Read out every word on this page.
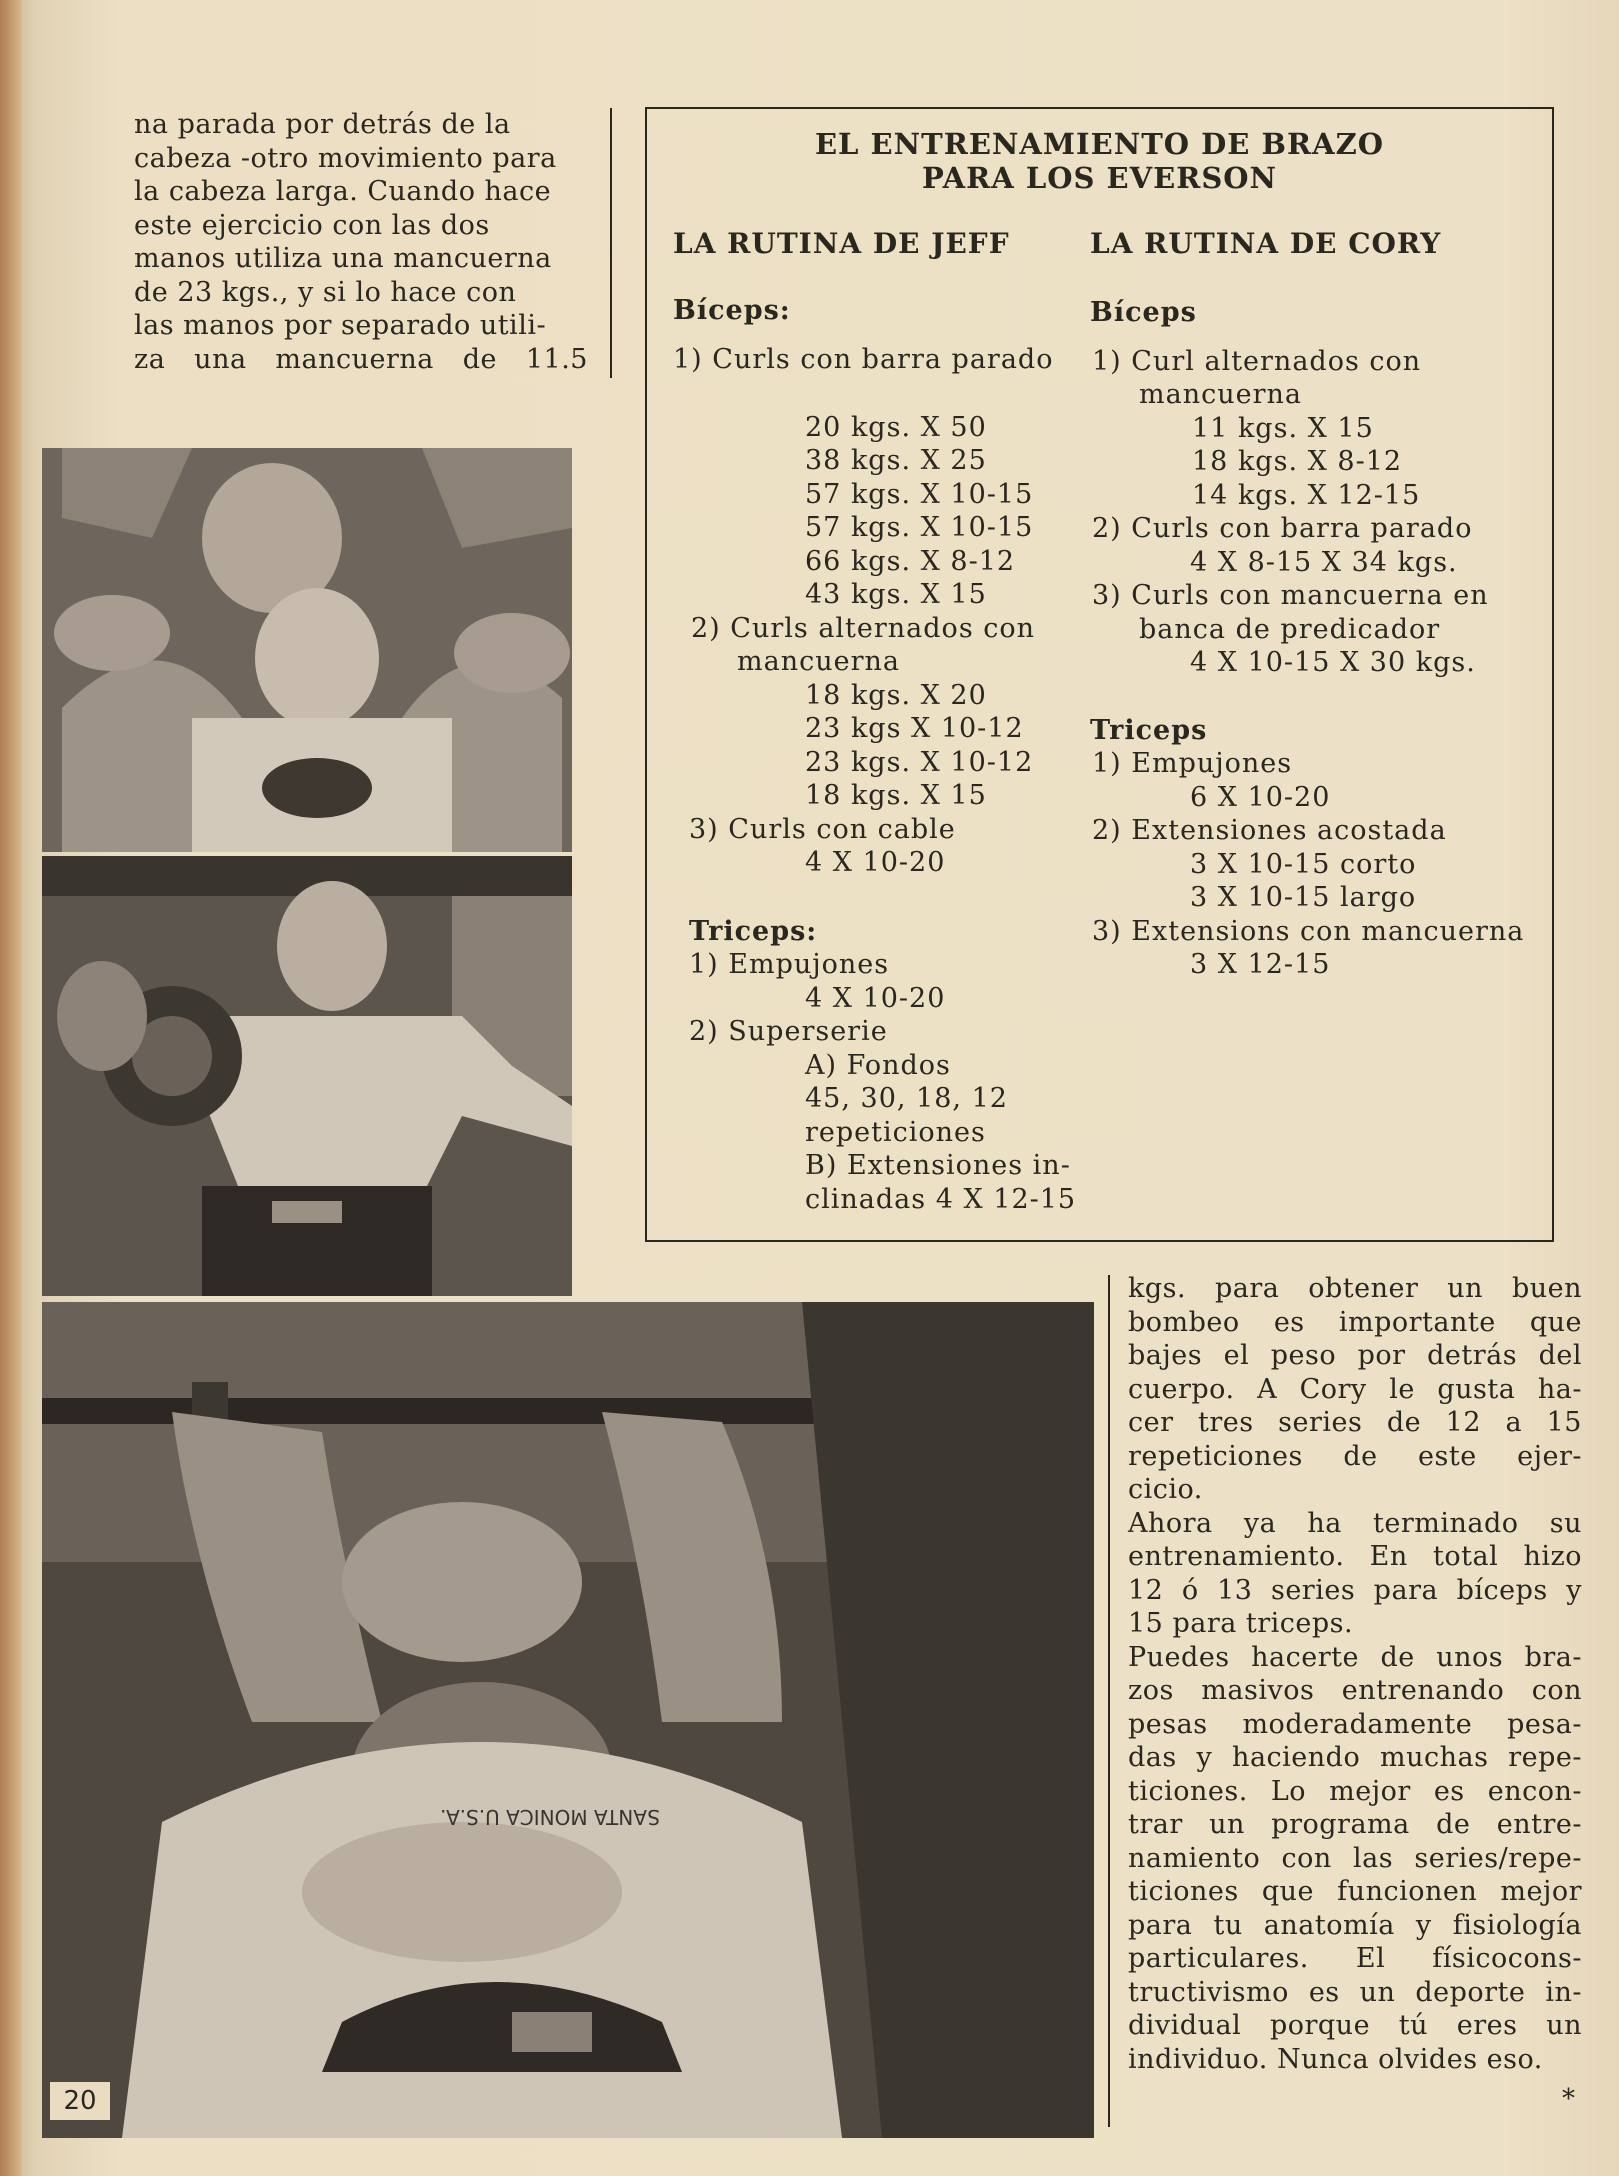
na parada por detrás de la

cabeza -otro movimiento para

la cabeza larga. Cuando hace

este ejercicio con las dos

manos utiliza una mancuerna

de 23 kgs., y si lo hace con

las manos por separado utili-

za una mancuerna de 11.5

EL ENTRENAMIENTO DE BRAZO
PARA LOS EVERSON
LA RUTINA DE JEFF	LA RUTINA DE CORY
Bíceps:
1) Curls con barra parado
20 kgs. X 50
38 kgs. X 25
57 kgs. X 10-15
57 kgs. X 10-15
66 kgs. X 8-12
43 kgs. X 15
2) Curls alternados con
mancuerna
18 kgs. X 20
23 kgs X 10-12
23 kgs. X 10-12
18 kgs. X 15
3) Curls con cable
4 X 10-20
Triceps:
1) Empujones
4 X 10-20
2) Superserie
A) Fondos
45, 30, 18, 12
repeticiones
B) Extensiones in-
clinadas 4 X 12-15
Bíceps
1) Curl alternados con
mancuerna
11 kgs. X 15
18 kgs. X 8-12
14 kgs. X 12-15
2) Curls con barra parado
4 X 8-15 X 34 kgs.
3) Curls con mancuerna en
banca de predicador
4 X 10-15 X 30 kgs.
Triceps
1) Empujones
6 X 10-20
2) Extensiones acostada
3 X 10-15 corto
3 X 10-15 largo
3) Extensions con mancuerna
3 X 12-15
20

kgs. para obtener un buen

bombeo es importante que

bajes el peso por detrás del

cuerpo. A Cory le gusta ha-

cer tres series de 12 a 15

repeticiones de este ejer-

cicio.

Ahora ya ha terminado su

entrenamiento. En total hizo

12 ó 13 series para bíceps y

15 para triceps.

Puedes hacerte de unos bra-

zos masivos entrenando con

pesas moderadamente pesa-

das y haciendo muchas repe-

ticiones. Lo mejor es encon-

trar un programa de entre-

namiento con las series/repe-

ticiones que funcionen mejor

para tu anatomía y fisiología

particulares. El físicocons-

tructivismo es un deporte in-

dividual porque tú eres un

individuo. Nunca olvides eso.

*
SANTA MONICA U.S.A.
